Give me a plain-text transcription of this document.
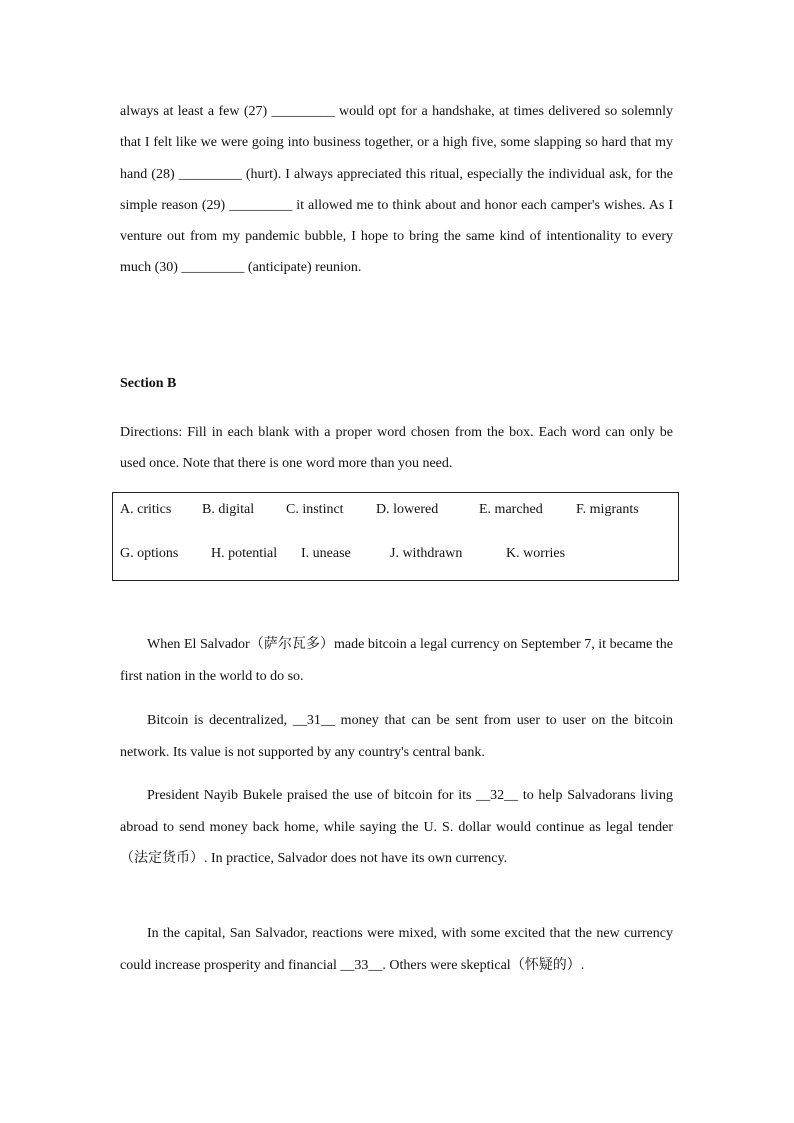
always at least a few (27) _________ would opt for a handshake, at times delivered so solemnly that I felt like we were going into business together, or a high five, some slapping so hard that my hand (28) _________ (hurt). I always appreciated this ritual, especially the individual ask, for the simple reason (29) _________ it allowed me to think about and honor each camper's wishes. As I venture out from my pandemic bubble, I hope to bring the same kind of intentionality to every much (30) _________ (anticipate) reunion.

Section B

Directions: Fill in each blank with a proper word chosen from the box. Each word can only be used once. Note that there is one word more than you need.

A. critics B. digital C. instinct D. lowered	E. marched F. migrants
G. options H. potential I. unease	J. withdrawn	K. worries

When El Salvador（萨尔瓦多）made bitcoin a legal currency on September 7, it became the first nation in the world to do so.

Bitcoin is decentralized, __31__ money that can be sent from user to user on the bitcoin network. Its value is not supported by any country's central bank.

President Nayib Bukele praised the use of bitcoin for its __32__ to help Salvadorans living abroad to send money back home, while saying the U. S. dollar would continue as legal tender（法定货币）. In practice, Salvador does not have its own currency.

In the capital, San Salvador, reactions were mixed, with some excited that the new currency could increase prosperity and financial __33__. Others were skeptical（怀疑的）.
